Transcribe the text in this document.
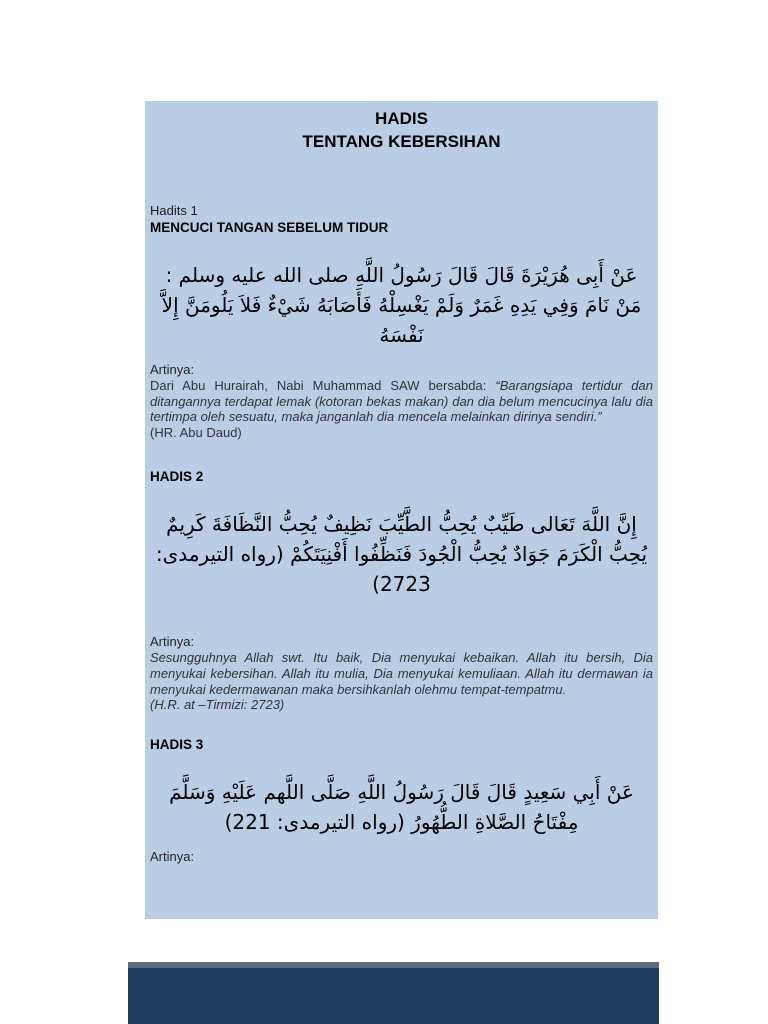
HADIS
TENTANG KEBERSIHAN
Hadits 1
MENCUCI TANGAN SEBELUM TIDUR
عَنْ أَبِى هُرَيْرَةَ قَالَ قَالَ رَسُولُ اللَّهِ صلى الله عليه وسلم : مَنْ نَامَ وَفِي يَدِهِ غَمَرٌ وَلَمْ يَغْسِلْهُ فَأَصَابَهُ شَيْءٌ فَلاَ يَلُومَنَّ إِلاَّ نَفْسَهُ
Artinya:
Dari Abu Hurairah, Nabi Muhammad SAW bersabda: “Barangsiapa tertidur dan ditangannya terdapat lemak (kotoran bekas makan) dan dia belum mencucinya lalu dia tertimpa oleh sesuatu, maka janganlah dia mencela melainkan dirinya sendiri.”
(HR. Abu Daud)
HADIS 2
إِنَّ اللَّهَ تَعَالى طَيِّبٌ يُحِبُّ الطَّيِّبَ نَظِيفٌ يُحِبُّ النَّظَافَةَ كَرِيمٌ يُحِبُّ الْكَرَمَ جَوَادٌ يُحِبُّ الْجُودَ فَنَظِّفُوا أَفْنِيَتَكُمْ (رواه التيرمدى: 2723)
Artinya:
Sesungguhnya Allah swt. Itu baik, Dia menyukai kebaikan. Allah itu bersih, Dia menyukai kebersihan. Allah itu mulia, Dia menyukai kemuliaan. Allah itu dermawan ia menyukai kedermawanan maka bersihkanlah olehmu tempat-tempatmu.
(H.R. at –Tirmizi: 2723)
HADIS 3
عَنْ أَبِي سَعِيدٍ قَالَ قَالَ رَسُولُ اللَّهِ صَلَّى اللَّهم عَلَيْهِ وَسَلَّمَ مِفْتَاحُ الصَّلاةِ الطُّهُورُ (رواه التيرمدى: 221)
Artinya:
